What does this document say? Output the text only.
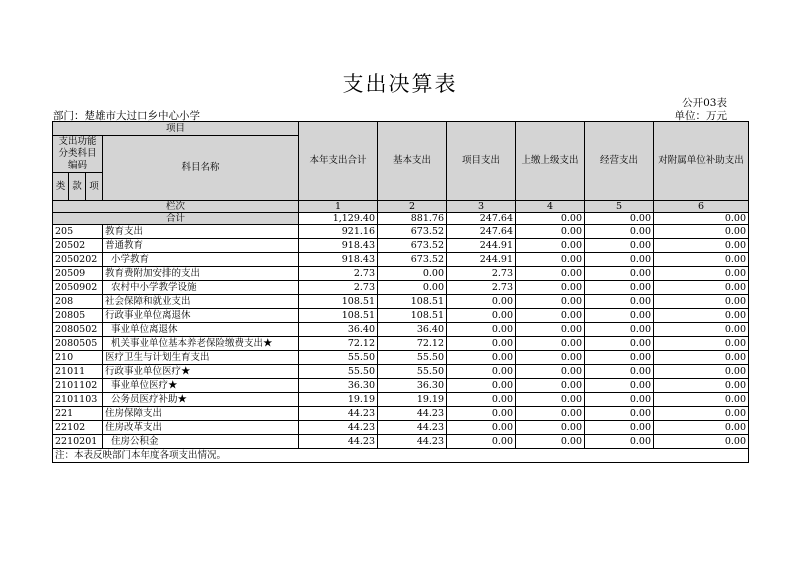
支出决算表
公开03表
部门：楚雄市大过口乡中心小学	单位：万元
项目				本年支出合计	基本支出	项目支出	上缴上级支出	经营支出	对附属单位补助支出
支出功能分类科目编码			科目名称						
类	款	项							
栏次				1	2	3	4	5	6
合计				1,129.40	881.76	247.64	0.00	0.00	0.00
205			教育支出	921.16	673.52	247.64	0.00	0.00	0.00
20502			普通教育	918.43	673.52	244.91	0.00	0.00	0.00
2050202			小学教育	918.43	673.52	244.91	0.00	0.00	0.00
20509			教育费附加安排的支出	2.73	0.00	2.73	0.00	0.00	0.00
2050902			农村中小学教学设施	2.73	0.00	2.73	0.00	0.00	0.00
208			社会保障和就业支出	108.51	108.51	0.00	0.00	0.00	0.00
20805			行政事业单位离退休	108.51	108.51	0.00	0.00	0.00	0.00
2080502			事业单位离退休	36.40	36.40	0.00	0.00	0.00	0.00
2080505			机关事业单位基本养老保险缴费支出★	72.12	72.12	0.00	0.00	0.00	0.00
210			医疗卫生与计划生育支出	55.50	55.50	0.00	0.00	0.00	0.00
21011			行政事业单位医疗★	55.50	55.50	0.00	0.00	0.00	0.00
2101102			事业单位医疗★	36.30	36.30	0.00	0.00	0.00	0.00
2101103			公务员医疗补助★	19.19	19.19	0.00	0.00	0.00	0.00
221			住房保障支出	44.23	44.23	0.00	0.00	0.00	0.00
22102			住房改革支出	44.23	44.23	0.00	0.00	0.00	0.00
2210201			住房公积金	44.23	44.23	0.00	0.00	0.00	0.00
注：本表反映部门本年度各项支出情况。									
